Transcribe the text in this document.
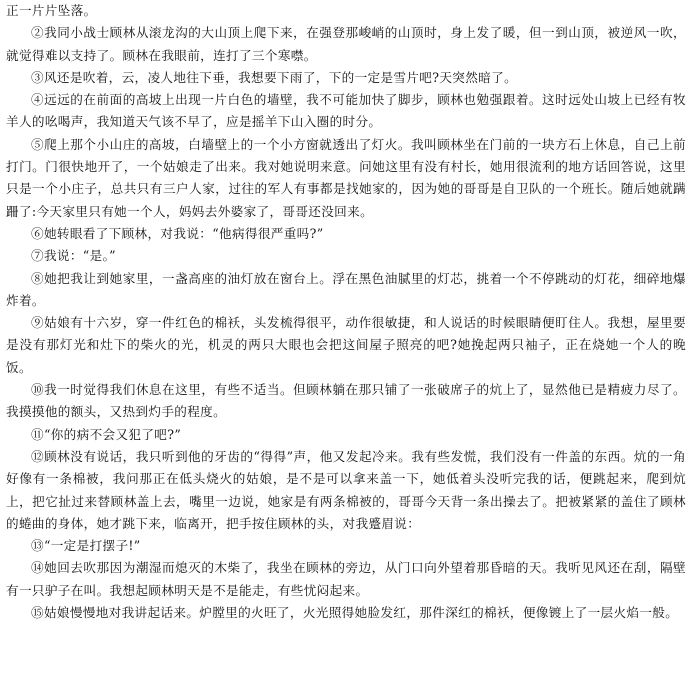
正一片片坠落。

②我同小战士顾林从滚龙沟的大山顶上爬下来，在强登那峻峭的山顶时，身上发了暖，但一到山顶，被逆风一吹，就觉得难以支持了。顾林在我眼前，连打了三个寒噤。

③风还是吹着，云，凌人地往下垂，我想要下雨了，下的一定是雪片吧?天突然暗了。

④远远的在前面的高坡上出现一片白色的墙壁，我不可能加快了脚步，顾林也勉强跟着。这时远处山坡上已经有牧羊人的吆喝声，我知道天气该不早了，应是摇羊下山入圈的时分。

⑤爬上那个小山庄的高坡，白墙壁上的一个小方窗就透出了灯火。我叫顾林坐在门前的一块方石上休息，自己上前打门。门很快地开了，一个姑娘走了出来。我对她说明来意。问她这里有没有村长，她用很流利的地方话回答说，这里只是一个小庄子，总共只有三户人家，过往的军人有事都是找她家的，因为她的哥哥是自卫队的一个班长。随后她就蹒跚了:今天家里只有她一个人，妈妈去外婆家了，哥哥还没回来。

⑥她转眼看了下顾林，对我说：“他病得很严重吗?”

⑦我说：“是。”

⑧她把我让到她家里，一盏高座的油灯放在窗台上。浮在黑色油腻里的灯芯，挑着一个不停跳动的灯花，细碎地爆炸着。

⑨姑娘有十六岁，穿一件红色的棉袄，头发梳得很平，动作很敏捷，和人说话的时候眼睛便盯住人。我想，屋里要是没有那灯光和灶下的柴火的光，机灵的两只大眼也会把这间屋子照亮的吧?她挽起两只袖子，正在烧她一个人的晚饭。

⑩我一时觉得我们休息在这里，有些不适当。但顾林躺在那只铺了一张破席子的炕上了，显然他已是精疲力尽了。我摸摸他的额头，又热到灼手的程度。

⑪“你的病不会又犯了吧?”

⑫顾林没有说话，我只听到他的牙齿的“得得”声，他又发起冷来。我有些发慌，我们没有一件盖的东西。炕的一角好像有一条棉被，我问那正在低头烧火的姑娘，是不是可以拿来盖一下，她低着头没听完我的话，便跳起来，爬到炕上，把它扯过来替顾林盖上去，嘴里一边说，她家是有两条棉被的，哥哥今天背一条出操去了。把被紧紧的盖住了顾林的蜷曲的身体，她才跳下来，临离开，把手按住顾林的头，对我蹙眉说：

⑬“一定是打摆子!”

⑭她回去吹那因为潮湿而熄灭的木柴了，我坐在顾林的旁边，从门口向外望着那昏暗的天。我听见风还在刮，隔壁有一只驴子在叫。我想起顾林明天是不是能走，有些忧闷起来。

⑮姑娘慢慢地对我讲起话来。炉膛里的火旺了，火光照得她脸发红，那件深红的棉袄，便像镀上了一层火焰一般。
